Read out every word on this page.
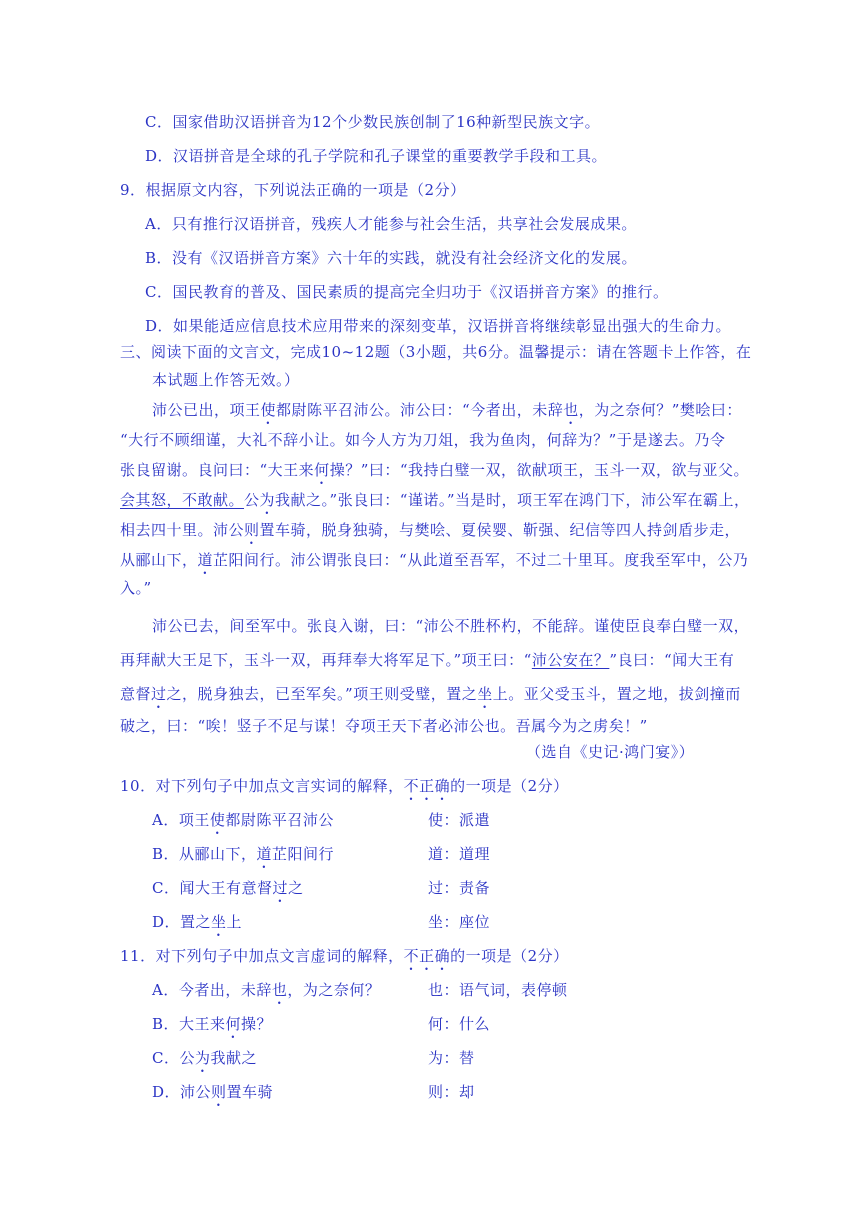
C．国家借助汉语拼音为12个少数民族创制了16种新型民族文字。
D．汉语拼音是全球的孔子学院和孔子课堂的重要教学手段和工具。
9．根据原文内容，下列说法正确的一项是（2分）
A．只有推行汉语拼音，残疾人才能参与社会生活，共享社会发展成果。
B．没有《汉语拼音方案》六十年的实践，就没有社会经济文化的发展。
C．国民教育的普及、国民素质的提高完全归功于《汉语拼音方案》的推行。
D．如果能适应信息技术应用带来的深刻变革，汉语拼音将继续彰显出强大的生命力。
三、阅读下面的文言文，完成10~12题（3小题，共6分。温馨提示：请在答题卡上作答，在
本试题上作答无效。）
沛公已出，项王使都尉陈平召沛公。沛公曰：“今者出，未辞也，为之奈何？”樊哙曰：
“大行不顾细谨，大礼不辞小让。如今人方为刀俎，我为鱼肉，何辞为？”于是遂去。乃令
张良留谢。良问曰：“大王来何操？”曰：“我持白璧一双，欲献项王，玉斗一双，欲与亚父。
会其怒，不敢献。公为我献之。”张良曰：“谨诺。”当是时，项王军在鸿门下，沛公军在霸上，
相去四十里。沛公则置车骑，脱身独骑，与樊哙、夏侯婴、靳强、纪信等四人持剑盾步走，
从郦山下，道芷阳间行。沛公谓张良曰：“从此道至吾军，不过二十里耳。度我至军中，公乃
入。”
沛公已去，间至军中。张良入谢，曰：“沛公不胜杯杓，不能辞。谨使臣良奉白璧一双，
再拜献大王足下，玉斗一双，再拜奉大将军足下。”项王曰：“沛公安在？”良曰：“闻大王有
意督过之，脱身独去，已至军矣。”项王则受璧，置之坐上。亚父受玉斗，置之地，拔剑撞而
破之，曰：“唉！竖子不足与谋！夺项王天下者必沛公也。吾属今为之虏矣！”
（选自《史记·鸿门宴》）
10．对下列句子中加点文言实词的解释，不正确的一项是（2分）
A．项王使都尉陈平召沛公	使：派遣
B．从郦山下，道芷阳间行	道：道理
C．闻大王有意督过之	过：责备
D．置之坐上	坐：座位
11．对下列句子中加点文言虚词的解释，不正确的一项是（2分）
A．今者出，未辞也，为之奈何？	也：语气词，表停顿
B．大王来何操？	何：什么
C．公为我献之	为：替
D．沛公则置车骑	则：却
